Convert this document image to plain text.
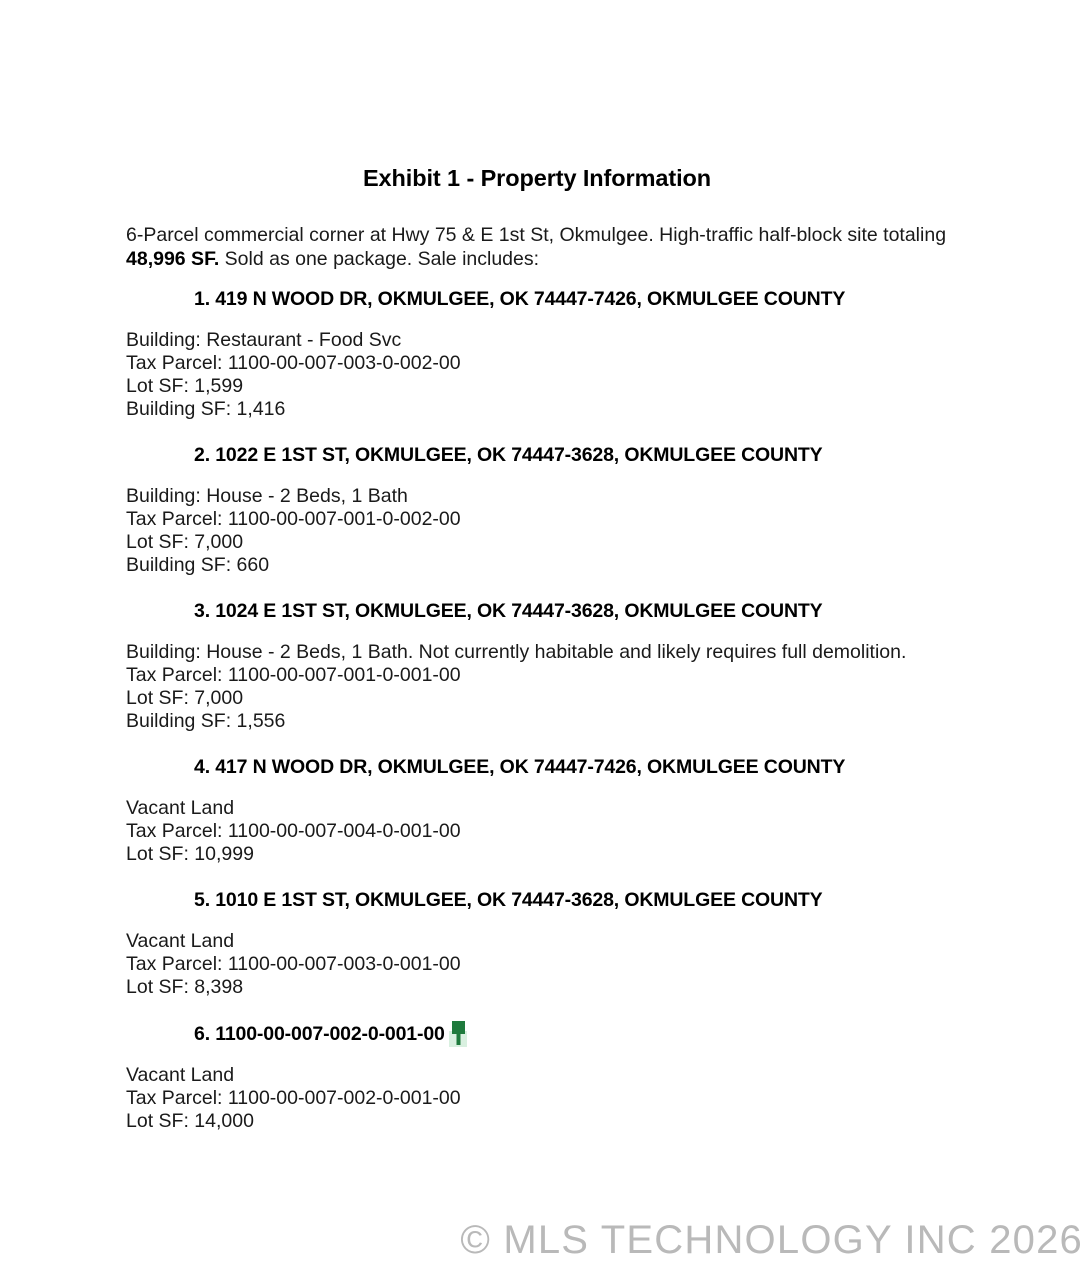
Exhibit 1 - Property Information
6-Parcel commercial corner at Hwy 75 & E 1st St, Okmulgee. High-traffic half-block site totaling 48,996 SF. Sold as one package. Sale includes:
1. 419 N WOOD DR, OKMULGEE, OK 74447-7426, OKMULGEE COUNTY
Building: Restaurant - Food Svc
Tax Parcel: 1100-00-007-003-0-002-00
Lot SF: 1,599
Building SF: 1,416
2. 1022 E 1ST ST, OKMULGEE, OK 74447-3628, OKMULGEE COUNTY
Building: House - 2 Beds, 1 Bath
Tax Parcel: 1100-00-007-001-0-002-00
Lot SF: 7,000
Building SF: 660
3. 1024 E 1ST ST, OKMULGEE, OK 74447-3628, OKMULGEE COUNTY
Building: House - 2 Beds, 1 Bath. Not currently habitable and likely requires full demolition.
Tax Parcel: 1100-00-007-001-0-001-00
Lot SF: 7,000
Building SF: 1,556
4. 417 N WOOD DR, OKMULGEE, OK 74447-7426, OKMULGEE COUNTY
Vacant Land
Tax Parcel: 1100-00-007-004-0-001-00
Lot SF: 10,999
5. 1010 E 1ST ST, OKMULGEE, OK 74447-3628, OKMULGEE COUNTY
Vacant Land
Tax Parcel: 1100-00-007-003-0-001-00
Lot SF: 8,398
6. 1100-00-007-002-0-001-00
Vacant Land
Tax Parcel: 1100-00-007-002-0-001-00
Lot SF: 14,000
© MLS TECHNOLOGY INC 2026
